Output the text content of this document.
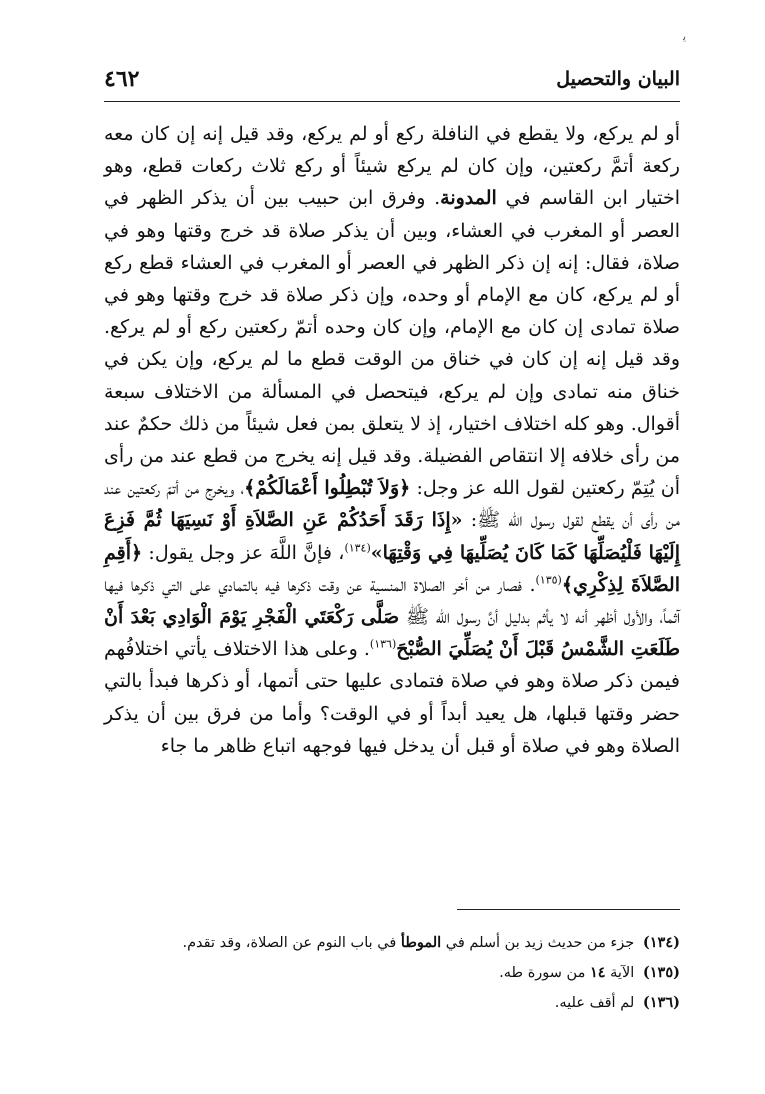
ﯾ
البيان والتحصيل
٤٦٢

أو لم يركع، ولا يقطع في النافلة ركع أو لم يركع، وقد قيل إنه إن كان معه ركعة أتمَّ ركعتين، وإن كان لم يركع شيئاً أو ركع ثلاث ركعات قطع، وهو اختيار ابن القاسم في المدونة. وفرق ابن حبيب بين أن يذكر الظهر في العصر أو المغرب في العشاء، وبين أن يذكر صلاة قد خرج وقتها وهو في صلاة، فقال: إنه إن ذكر الظهر في العصر أو المغرب في العشاء قطع ركع أو لم يركع، كان مع الإمام أو وحده، وإن ذكر صلاة قد خرج وقتها وهو في صلاة تمادى إن كان مع الإمام، وإن كان وحده أتمّ ركعتين ركع أو لم يركع. وقد قيل إنه إن كان في خناق من الوقت قطع ما لم يركع، وإن يكن في خناق منه تمادى وإن لم يركع، فيتحصل في المسألة من الاختلاف سبعة أقوال. وهو كله اختلاف اختيار، إذ لا يتعلق بمن فعل شيئاً من ذلك حكمٌ عند من رأى خلافه إلا انتقاص الفضيلة. وقد قيل إنه يخرج من قطع عند من رأى أن يُتِمّ ركعتين لقول الله عز وجل: ﴿وَلاَ تُبْطِلُوا أَعْمَالَكُمْ﴾، ويخرج من أتمّ ركعتين عند من رأى أن يقطع لقول رسول الله ﷺ: «إِذَا رَقَدَ أَحَدُكُمْ عَنِ الصَّلاَةِ أَوْ نَسِيَهَا ثُمَّ فَزِعَ إِلَيْهَا فَلْيُصَلِّهَا كَمَا كَانَ يُصَلِّيهَا فِي وَقْتِهَا»$^{(١٣٤)}$، فإنَّ اللَّهَ عز وجل يقول: ﴿أَقِمِ الصَّلاَةَ لِذِكْرِي﴾$^{(١٣٥)}$. فصار من أخر الصلاة المنسية عن وقت ذكرها فيه بالتمادي على التي ذكرها فيها آثماً، والأول أظهر أنه لا يأثم بدليل أنَّ رسول الله ﷺ صَلَّى رَكْعَتَي الْفَجْرِ يَوْمَ الْوَادِي بَعْدَ أَنْ طَلَعَتِ الشَّمْسُ قَبْلَ أَنْ يُصَلِّيَ الصُّبْحَ$^{(١٣٦)}$. وعلى هذا الاختلاف يأتي اختلافُهم فيمن ذكر صلاة وهو في صلاة فتمادى عليها حتى أتمها، أو ذكرها فبدأ بالتي حضر وقتها قبلها، هل يعيد أبداً أو في الوقت؟ وأما من فرق بين أن يذكر الصلاة وهو في صلاة أو قبل أن يدخل فيها فوجهه اتباع ظاهر ما جاء

(١٣٤) جزء من حديث زيد بن أسلم في الموطأ في باب النوم عن الصلاة، وقد تقدم.
(١٣٥) الآية ١٤ من سورة طه.
(١٣٦) لم أقف عليه.
